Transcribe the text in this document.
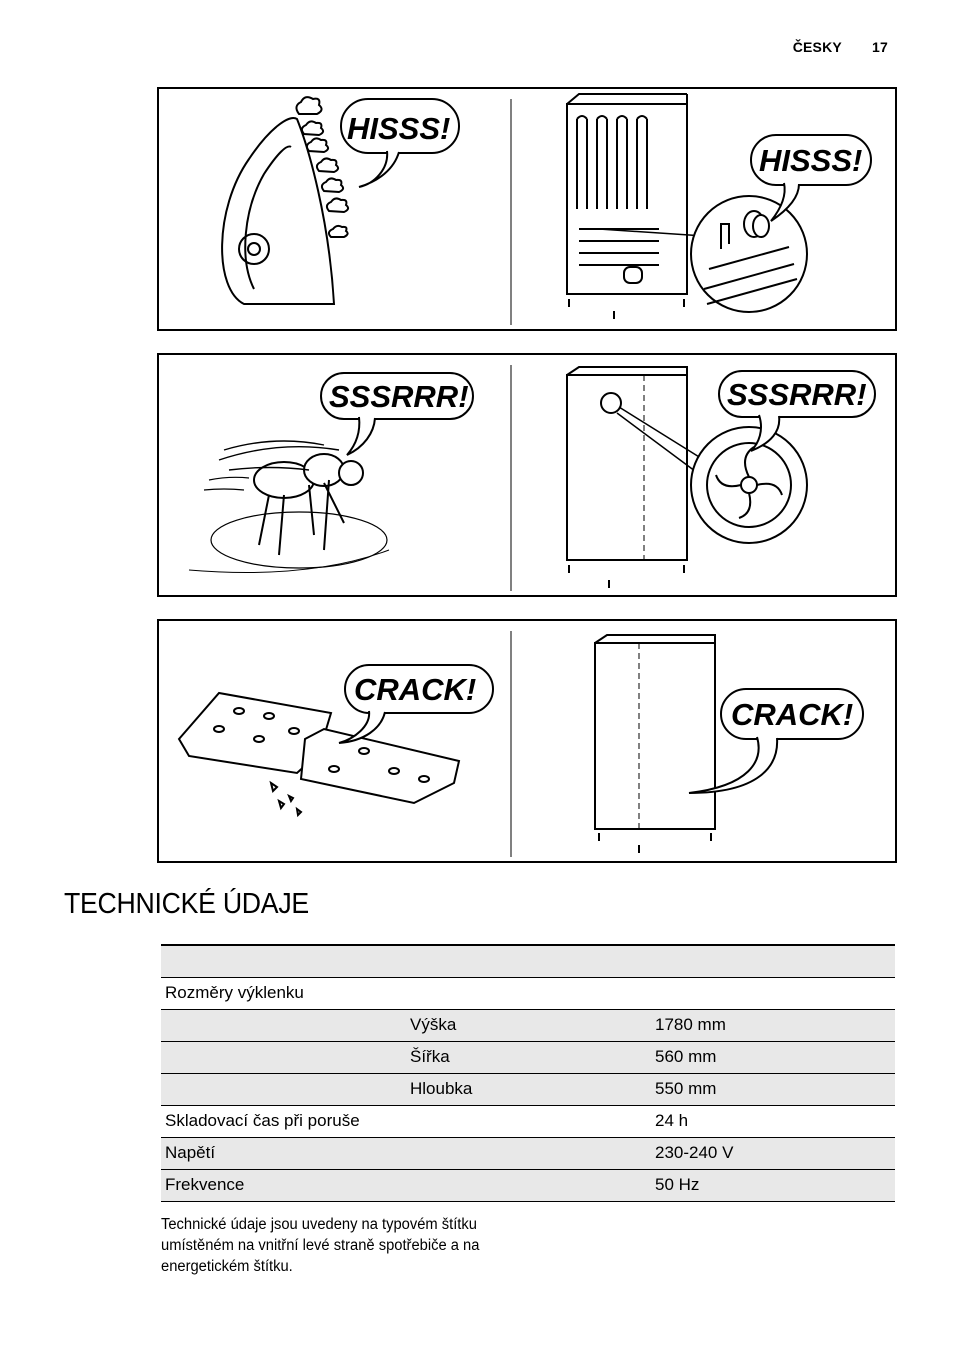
ČESKY 17
HISSS!
HISSS!
SSSRRR!	SSSRRR!
CRACK!
CRACK!
TECHNICKÉ ÚDAJE

Rozměry výklenku		
	Výška	1780 mm
	Šířka	560 mm
	Hloubka	550 mm
Skladovací čas při poruše		24 h
Napětí		230-240 V
Frekvence		50 Hz
Technické údaje jsou uvedeny na typovém štítku umístěném na vnitřní levé straně spotřebiče a na energetickém štítku.
